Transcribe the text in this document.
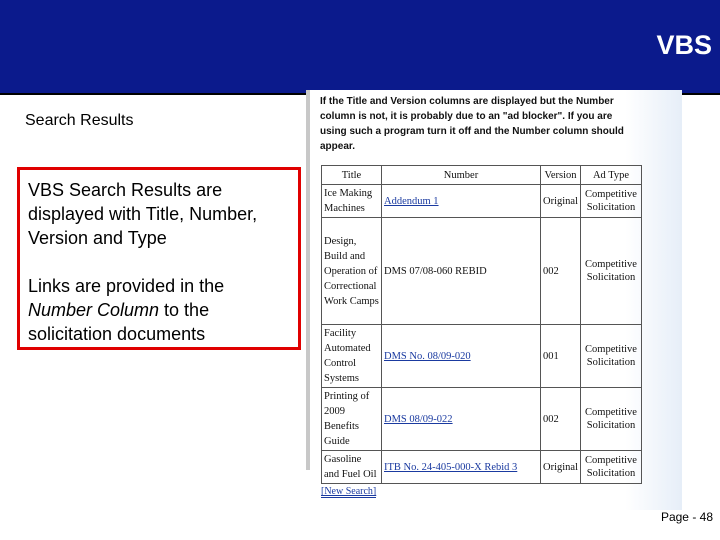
VBS
Search Results

VBS Search Results are displayed with Title, Number, Version and Type

Links are provided in the Number Column to the solicitation documents

If the Title and Version columns are displayed but the Number column is not, it is probably due to an "ad blocker". If you are using such a program turn it off and the Number column should appear.
Title	Number	Version	Ad Type
Ice Making Machines	Addendum 1	Original	Competitive Solicitation
Design, Build and Operation of Correctional Work Camps	DMS 07/08-060 REBID	002	Competitive Solicitation
Facility Automated Control Systems	DMS No. 08/09-020	001	Competitive Solicitation
Printing of 2009 Benefits Guide	DMS 08/09-022	002	Competitive Solicitation
Gasoline and Fuel Oil	ITB No. 24-405-000-X Rebid 3	Original	Competitive Solicitation
[New Search]
Page - 48
